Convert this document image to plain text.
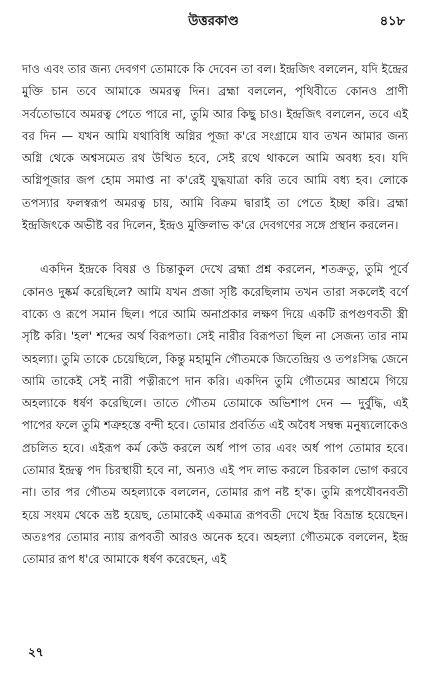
উত্তরকাণ্ড	৪১৮

দাও এবং তার জন্য দেবগণ তোমাকে কি দেবেন তা বল। ইন্দ্রজিৎ বললেন, যদি ইন্দ্রের মুক্তি চান তবে আমাকে অমরত্ব দিন। ব্রহ্মা বললেন, পৃথিবীতে কোনও প্রাণী সর্বতোভাবে অমরত্ব পেতে পারে না, তুমি আর কিছু চাও। ইন্দ্রজিৎ বললেন, তবে এই বর দিন — যখন আমি যথাবিধি অগ্নির পূজা ক'রে সংগ্রামে যাব তখন আমার জন্য অগ্নি থেকে অশ্বসমেত রথ উত্থিত হবে, সেই রথে থাকলে আমি অবধ্য হব। যদি অগ্নিপূজার জপ হোম সমাপ্ত না ক'রেই যুদ্ধযাত্রা করি তবে আমি বধ্য হব। লোকে তপস্যার ফলস্বরূপ অমরত্ব চায়, আমি বিক্রম দ্বারাই তা পেতে ইচ্ছা করি। ব্রহ্মা ইন্দ্রজিৎকে অভীষ্ট বর দিলেন, ইন্দ্রও মুক্তিলাভ ক'রে দেবগণের সঙ্গে প্রস্থান করলেন।

একদিন ইন্দ্রকে বিষণ্ণ ও চিন্তাকুল দেখে ব্রহ্মা প্রশ্ন করলেন, শতক্রতু, তুমি পূর্বে কোনও দুষ্কর্ম করেছিলে? আমি যখন প্রজা সৃষ্টি করেছিলাম তখন তারা সকলেই বর্ণে বাক্যে ও রূপে সমান ছিল। পরে আমি অনাপ্রকার লক্ষণ দিয়ে একটি রূপগুণবতী স্ত্রী সৃষ্টি করি। 'হল' শব্দের অর্থ বিরূপতা। সেই নারীর বিরূপতা ছিল না সেজন্য তার নাম অহল্যা। তুমি তাকে চেয়েছিলে, কিন্তু মহামুনি গৌতমকে জিতেন্দ্রিয় ও তপঃসিদ্ধ জেনে আমি তাকেই সেই নারী পত্নীরূপে দান করি। একদিন তুমি গৌতমের আশ্রমে গিয়ে অহল্যাকে ধর্ষণ করেছিলে। তাতে গৌতম তোমাকে অভিশাপ দেন — দুর্বুদ্ধি, এই পাপের ফলে তুমি শত্রুহস্তে বন্দী হবে। তোমার প্রবর্তিত এই অবৈধ সম্বন্ধ মনুষ্যলোকেও প্রচলিত হবে। এইরূপ কর্ম কেউ করলে অর্ধ পাপ তার এবং অর্ধ পাপ তোমার হবে। তোমার ইন্দ্রত্ব পদ চিরস্থায়ী হবে না, অন্যও এই পদ লাভ করলে চিরকাল ভোগ করবে না। তার পর গৌতম অহল্যাকে বললেন, তোমার রূপ নষ্ট হ'ক। তুমি রূপযৌবনবতী হয়ে সংযম থেকে ভ্রষ্ট হয়েছ, তোমাকেই একমাত্র রূপবতী দেখে ইন্দ্র বিভ্রান্ত হয়েছেন। অতঃপর তোমার ন্যায় রূপবতী আরও অনেক হবে। অহল্যা গৌতমকে বললেন, ইন্দ্র তোমার রূপ ধ'রে আমাকে ধর্ষণ করেছেন, এই

২৭
